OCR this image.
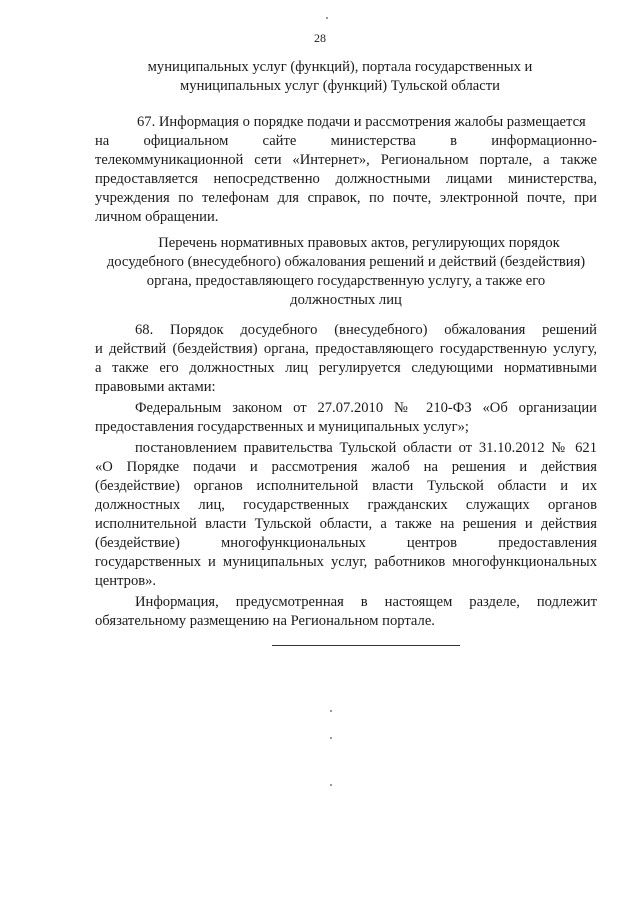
28
муниципальных услуг (функций), портала государственных и
муниципальных услуг (функций) Тульской области
67. Информация о порядке подачи и рассмотрения жалобы размещается
на официальном сайте министерства в информационно-
телекоммуникационной сети «Интернет», Региональном портале, а также
предоставляется непосредственно должностными лицами министерства,
учреждения по телефонам для справок, по почте, электронной почте, при
личном обращении.
Перечень нормативных правовых актов, регулирующих порядок
досудебного (внесудебного) обжалования решений и действий (бездействия)
органа, предоставляющего государственную услугу, а также его
должностных лиц
68. Порядок досудебного (внесудебного) обжалования решений
и действий (бездействия) органа, предоставляющего государственную услугу,
а также его должностных лиц регулируется следующими нормативными
правовыми актами:
Федеральным законом от 27.07.2010 № 210-ФЗ «Об организации
предоставления государственных и муниципальных услуг»;
постановлением правительства Тульской области от 31.10.2012 № 621
«О Порядке подачи и рассмотрения жалоб на решения и действия
(бездействие) органов исполнительной власти Тульской области и их
должностных лиц, государственных гражданских служащих органов
исполнительной власти Тульской области, а также на решения и действия
(бездействие) многофункциональных центров предоставления
государственных и муниципальных услуг, работников многофункциональных
центров».
Информация, предусмотренная в настоящем разделе, подлежит
обязательному размещению на Региональном портале.
